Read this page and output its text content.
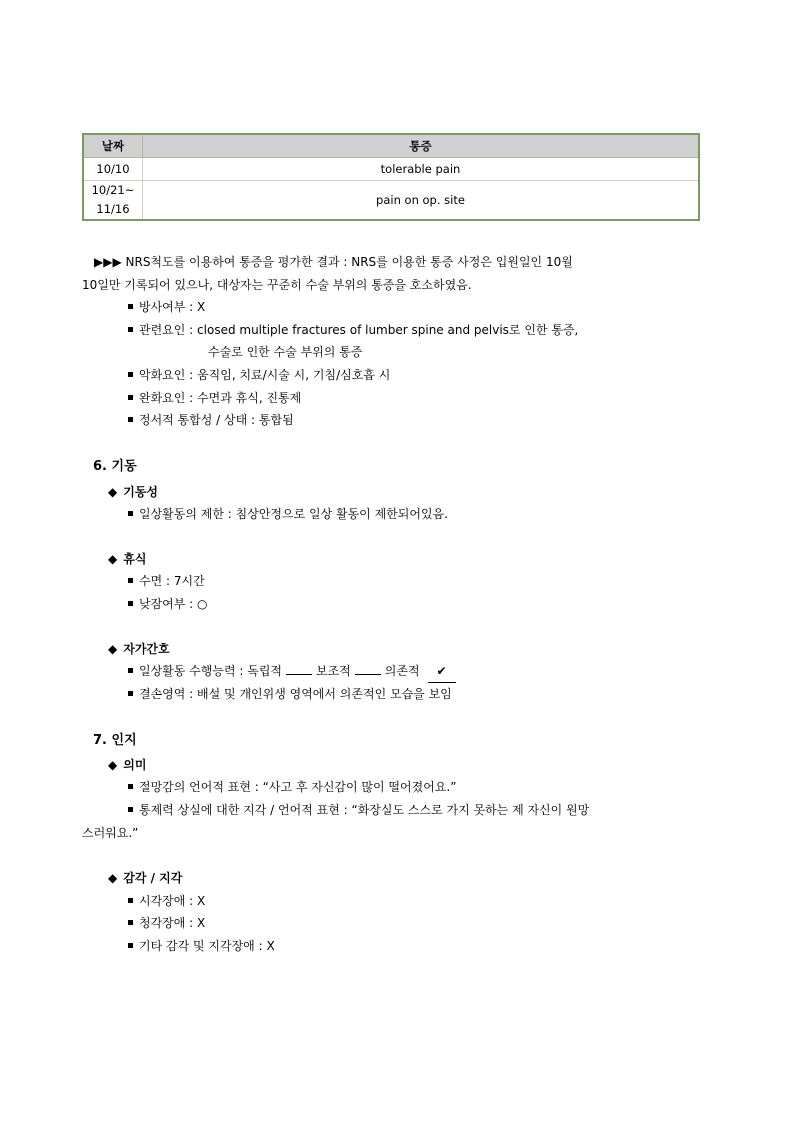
날짜	통증
10/10	tolerable pain

10/21~
11/16	pain on op. site
▶▶▶ NRS척도를 이용하여 통증을 평가한 결과 : NRS를 이용한 통증 사정은 입원일인 10월
10일만 기록되어 있으나, 대상자는 꾸준히 수술 부위의 통증을 호소하였음.
방사여부 : X
관련요인 : closed multiple fractures of lumber spine and pelvis로 인한 통증,
수술로 인한 수술 부위의 통증
악화요인 : 움직임, 치료/시술 시, 기침/심호흡 시
완화요인 : 수면과 휴식, 진통제
정서적 통합성 / 상태 : 통합됨
6. 기동
◆ 기동성
일상활동의 제한 : 침상안정으로 일상 활동이 제한되어있음.
◆ 휴식
수면 : 7시간
낮잠여부 : ○
◆ 자가간호
일상활동 수행능력 : 독립적	보조적	의존적 ✔
결손영역 : 배설 및 개인위생 영역에서 의존적인 모습을 보임
7. 인지
◆ 의미
절망감의 언어적 표현 : “사고 후 자신감이 많이 떨어졌어요.”
통제력 상실에 대한 지각 / 언어적 표현 : “화장실도 스스로 가지 못하는 제 자신이 원망
스러워요.”
◆ 감각 / 지각
시각장애 : X
청각장애 : X
기타 감각 및 지각장애 : X
